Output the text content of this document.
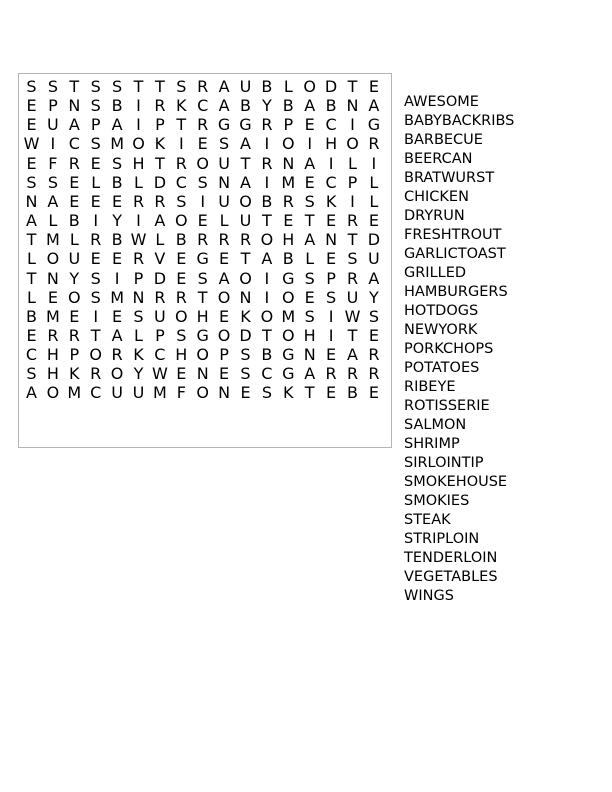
S S T S S T T S R A U B L O D T E
E P N S B I R K C A B Y B A B N A
E U A P A I P T R G G R P E C I G
W I C S M O K I E S A I O I H O R
E F R E S H T R O U T R N A I L I
S S E L B L D C S N A I M E C P L
N A E E E R R S I U O B R S K I L
A L B I Y I A O E L U T E T E R E
T M L R B W L B R R R O H A N T D
L O U E E R V E G E T A B L E S U
T N Y S I P D E S A O I G S P R A
L E O S M N R R T O N I O E S U Y
B M E I E S U O H E K O M S I W S
E R R T A L P S G O D T O H I T E
C H P O R K C H O P S B G N E A R
S H K R O Y W E N E S C G A R R R
A O M C U U M F O N E S K T E B E
AWESOME
BABYBACKRIBS
BARBECUE
BEERCAN
BRATWURST
CHICKEN
DRYRUN
FRESHTROUT
GARLICTOAST
GRILLED
HAMBURGERS
HOTDOGS
NEWYORK
PORKCHOPS
POTATOES
RIBEYE
ROTISSERIE
SALMON
SHRIMP
SIRLOINTIP
SMOKEHOUSE
SMOKIES
STEAK
STRIPLOIN
TENDERLOIN
VEGETABLES
WINGS
